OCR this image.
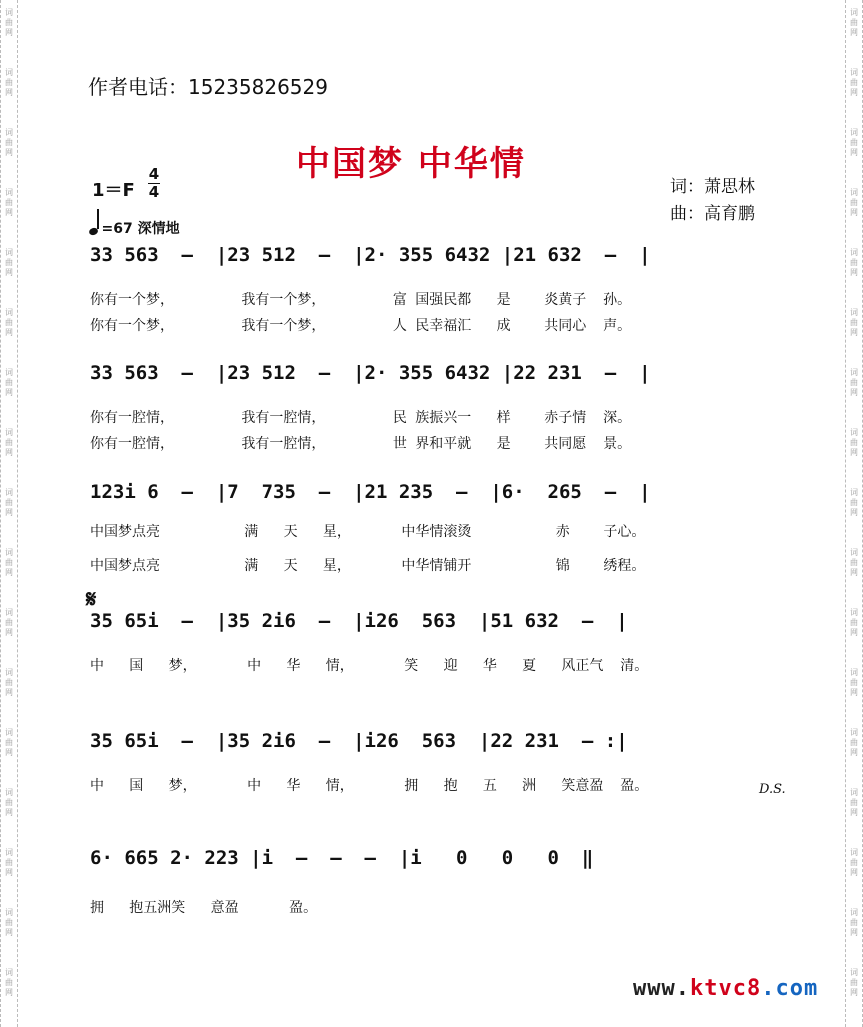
词
曲
网
词
曲
网
词
曲
网
词
曲
网
词
曲
网
词
曲
网
词
曲
网
词
曲
网
词
曲
网
词
曲
网
词
曲
网
词
曲
网
词
曲
网
词
曲
网
词
曲
网
词
曲
网
词
曲
网
词
曲
网
词
曲
网
词
曲
网
词
曲
网
词
曲
网
词
曲
网
词
曲
网
词
曲
网
词
曲
网
词
曲
网
词
曲
网
词
曲
网
词
曲
网
词
曲
网
词
曲
网
词
曲
网
词
曲
网
作者电话：15235826529
中国梦 中华情
1＝F
4
4
=67 深情地
词：萧思林
曲：高育鹏
33 563  –  |23 512  –  |2· 355 6432 |21 632  –  |
你有一个梦，        我有一个梦，        富 国强民都   是    炎黄子  孙。
你有一个梦，        我有一个梦，        人 民幸福汇   成    共同心  声。
33 563  –  |23 512  –  |2· 355 6432 |22 231  –  |
你有一腔情，        我有一腔情，        民 族振兴一   样    赤子情  深。
你有一腔情，        我有一腔情，        世 界和平就   是    共同愿  景。
123i 6  –  |7  735  –  |21 235  –  |6·  265  –  |
中国梦点亮          满   天   星，      中华情滚烫          赤    子心。
中国梦点亮          满   天   星，      中华情铺开          锦    绣程。
35 65i  –  |35 2i6  –  |i26  563  |51 632  –  |
中   国   梦，      中   华   情，      笑   迎   华   夏   风正气  清。
35 65i  –  |35 2i6  –  |i26  563  |22 231  – :|
中   国   梦，      中   华   情，      拥   抱   五   洲   笑意盈  盈。
6· 665 2· 223 |i  –  –  –  |i   0   0   0  ‖
拥   抱五洲笑   意盈      盈。
𝄋
D.S.
www.ktvc8.com
